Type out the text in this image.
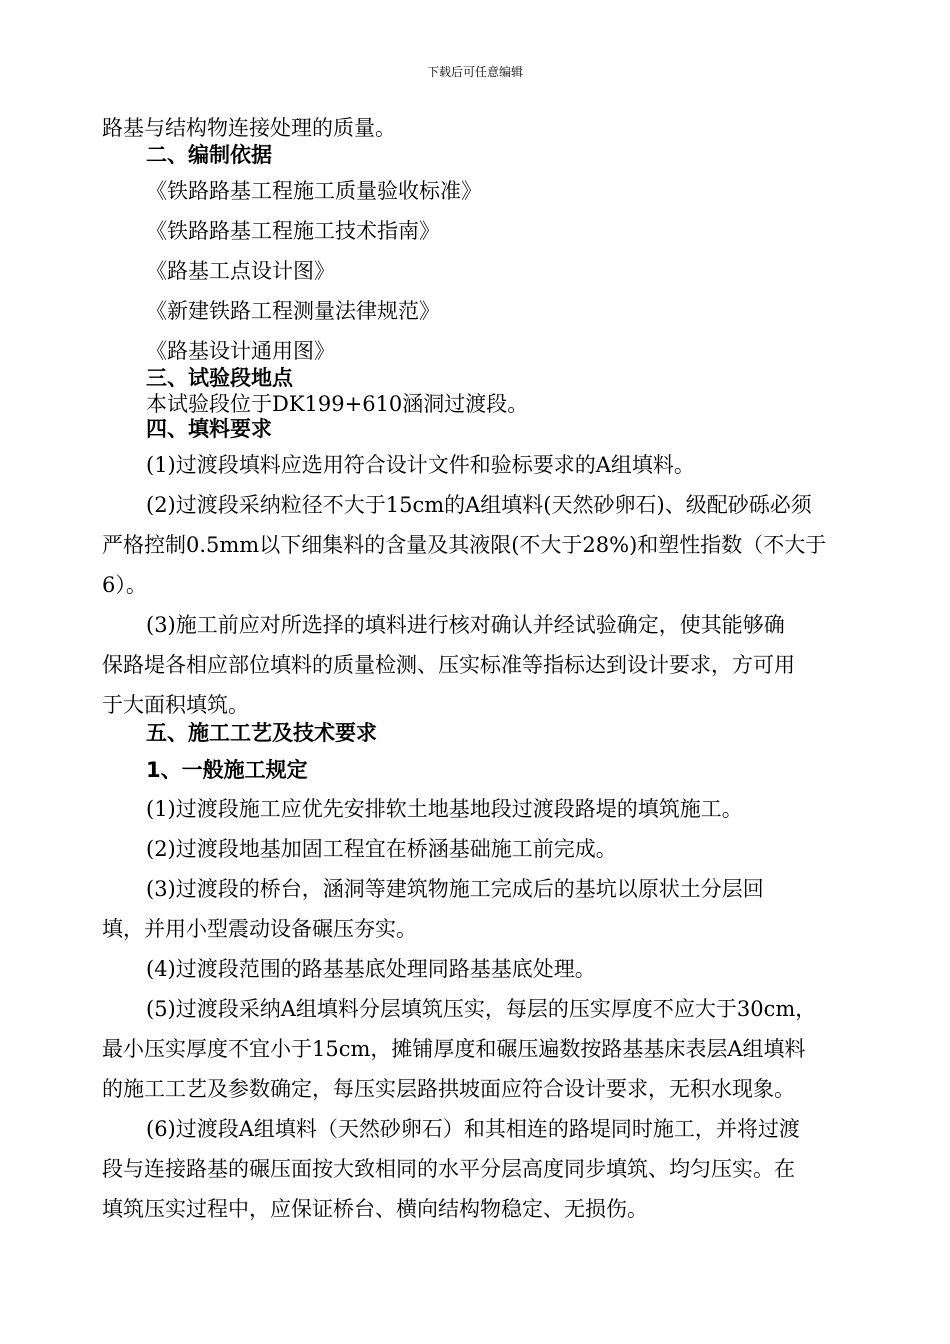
下载后可任意编辑
路基与结构物连接处理的质量。
二、编制依据
《铁路路基工程施工质量验收标准》
《铁路路基工程施工技术指南》
《路基工点设计图》
《新建铁路工程测量法律规范》
《路基设计通用图》
三、试验段地点
本试验段位于DK199+610涵洞过渡段。
四、填料要求
(1)过渡段填料应选用符合设计文件和验标要求的A组填料。
(2)过渡段采纳粒径不大于15cm的A组填料(天然砂卵石)、级配砂砾必须
严格控制0.5mm以下细集料的含量及其液限(不大于28%)和塑性指数（不大于
6）。
(3)施工前应对所选择的填料进行核对确认并经试验确定，使其能够确
保路堤各相应部位填料的质量检测、压实标准等指标达到设计要求，方可用
于大面积填筑。
五、施工工艺及技术要求
1、一般施工规定
(1)过渡段施工应优先安排软土地基地段过渡段路堤的填筑施工。
(2)过渡段地基加固工程宜在桥涵基础施工前完成。
(3)过渡段的桥台，涵洞等建筑物施工完成后的基坑以原状土分层回
填，并用小型震动设备碾压夯实。
(4)过渡段范围的路基基底处理同路基基底处理。
(5)过渡段采纳A组填料分层填筑压实，每层的压实厚度不应大于30cm，
最小压实厚度不宜小于15cm，摊铺厚度和碾压遍数按路基基床表层A组填料
的施工工艺及参数确定，每压实层路拱坡面应符合设计要求，无积水现象。
(6)过渡段A组填料（天然砂卵石）和其相连的路堤同时施工，并将过渡
段与连接路基的碾压面按大致相同的水平分层高度同步填筑、均匀压实。在
填筑压实过程中，应保证桥台、横向结构物稳定、无损伤。
